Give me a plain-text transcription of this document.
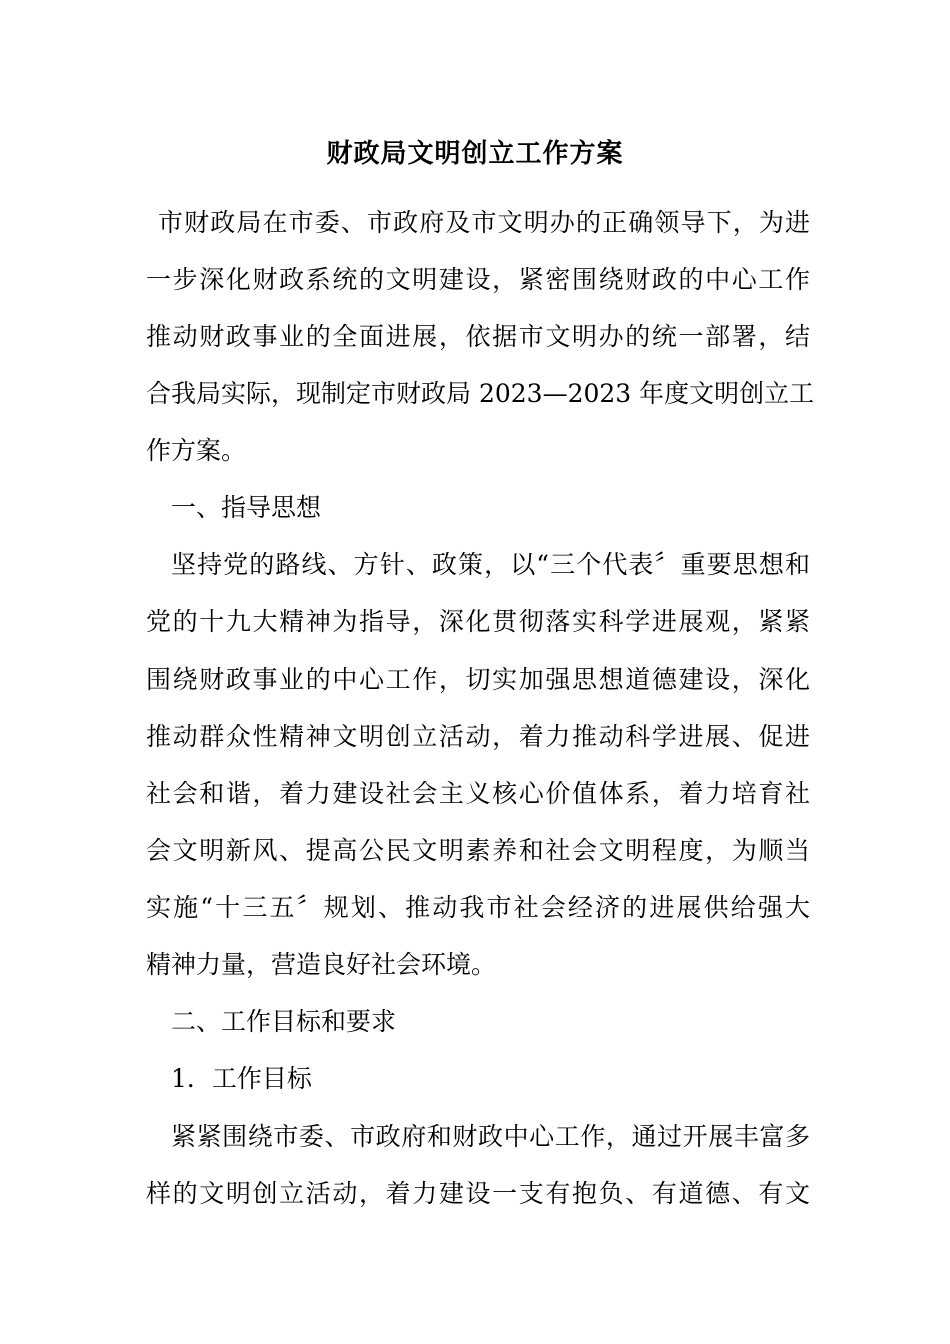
财政局文明创立工作方案
市财政局在市委、市政府及市文明办的正确领导下，为进
一步深化财政系统的文明建设，紧密围绕财政的中心工作
推动财政事业的全面进展，依据市文明办的统一部署，结
合我局实际，现制定市财政局 2023—2023 年度文明创立工
作方案。
一、指导思想
坚持党的路线、方针、政策，以“三个代表〞重要思想和
党的十九大精神为指导，深化贯彻落实科学进展观，紧紧
围绕财政事业的中心工作，切实加强思想道德建设，深化
推动群众性精神文明创立活动，着力推动科学进展、促进
社会和谐，着力建设社会主义核心价值体系，着力培育社
会文明新风、提高公民文明素养和社会文明程度，为顺当
实施“十三五〞规划、推动我市社会经济的进展供给强大
精神力量，营造良好社会环境。
二、工作目标和要求
1．工作目标
紧紧围绕市委、市政府和财政中心工作，通过开展丰富多
样的文明创立活动，着力建设一支有抱负、有道德、有文
